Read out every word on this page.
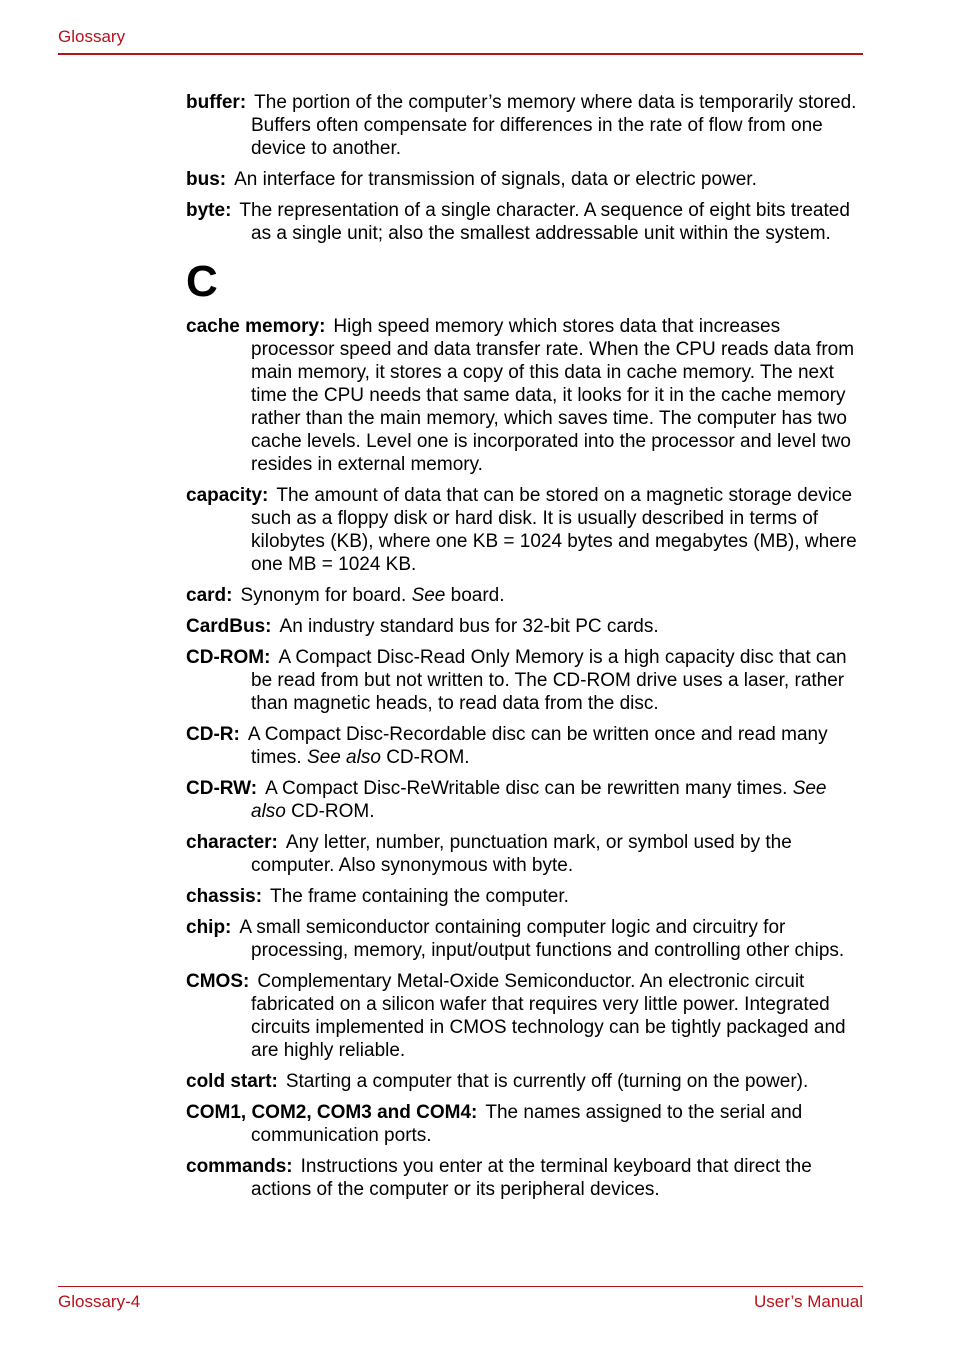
Glossary

buffer: The portion of the computer’s memory where data is temporarily stored. Buffers often compensate for differences in the rate of flow from one device to another.

bus: An interface for transmission of signals, data or electric power.

byte: The representation of a single character. A sequence of eight bits treated as a single unit; also the smallest addressable unit within the system.

C

cache memory: High speed memory which stores data that increases processor speed and data transfer rate. When the CPU reads data from main memory, it stores a copy of this data in cache memory. The next time the CPU needs that same data, it looks for it in the cache memory rather than the main memory, which saves time. The computer has two cache levels. Level one is incorporated into the processor and level two resides in external memory.

capacity: The amount of data that can be stored on a magnetic storage device such as a floppy disk or hard disk. It is usually described in terms of kilobytes (KB), where one KB = 1024 bytes and megabytes (MB), where one MB = 1024 KB.

card: Synonym for board. See board.

CardBus: An industry standard bus for 32-bit PC cards.

CD-ROM: A Compact Disc-Read Only Memory is a high capacity disc that can be read from but not written to. The CD-ROM drive uses a laser, rather than magnetic heads, to read data from the disc.

CD-R: A Compact Disc-Recordable disc can be written once and read many times. See also CD-ROM.

CD-RW: A Compact Disc-ReWritable disc can be rewritten many times. See also CD-ROM.

character: Any letter, number, punctuation mark, or symbol used by the computer. Also synonymous with byte.

chassis: The frame containing the computer.

chip: A small semiconductor containing computer logic and circuitry for processing, memory, input/output functions and controlling other chips.

CMOS: Complementary Metal-Oxide Semiconductor. An electronic circuit fabricated on a silicon wafer that requires very little power. Integrated circuits implemented in CMOS technology can be tightly packaged and are highly reliable.

cold start: Starting a computer that is currently off (turning on the power).

COM1, COM2, COM3 and COM4: The names assigned to the serial and communication ports.

commands: Instructions you enter at the terminal keyboard that direct the actions of the computer or its peripheral devices.

Glossary-4	User’s Manual
